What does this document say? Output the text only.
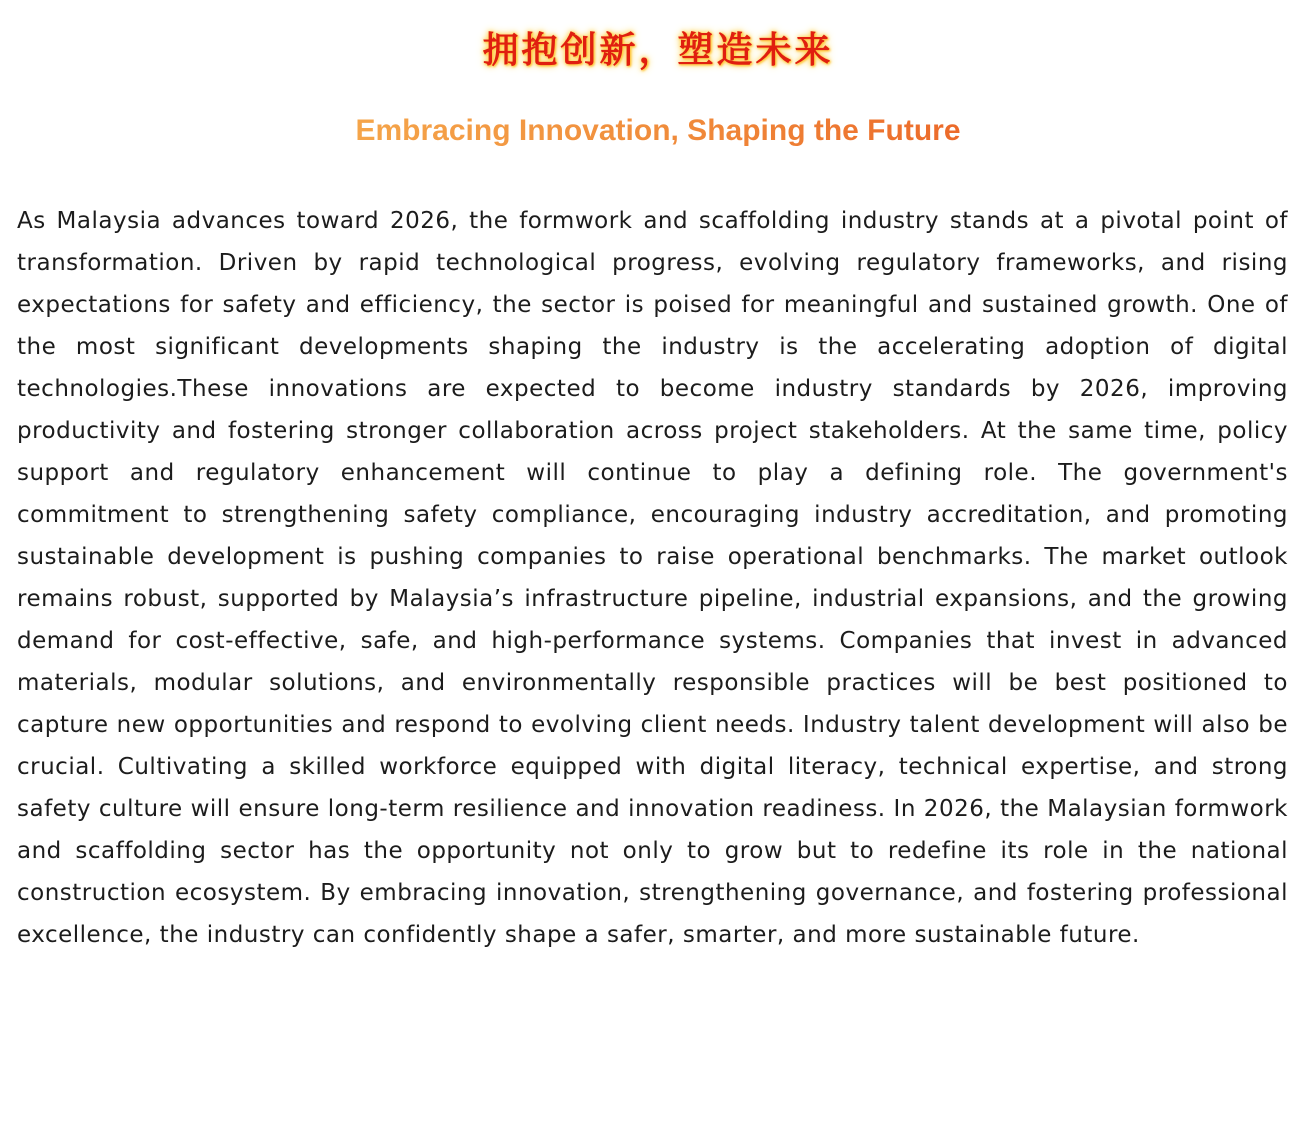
拥抱创新，塑造未来
Embracing Innovation, Shaping the Future

As Malaysia advances toward 2026, the formwork and scaffolding industry stands at a pivotal point of transformation. Driven by rapid technological progress, evolving regulatory frameworks, and rising expectations for safety and efficiency, the sector is poised for meaningful and sustained growth. One of the most significant developments shaping the industry is the accelerating adoption of digital technologies.These innovations are expected to become industry standards by 2026, improving productivity and fostering stronger collaboration across project stakeholders. At the same time, policy support and regulatory enhancement will continue to play a defining role. The government's commitment to strengthening safety compliance, encouraging industry accreditation, and promoting sustainable development is pushing companies to raise operational benchmarks. The market outlook remains robust, supported by Malaysia’s infrastructure pipeline, industrial expansions, and the growing demand for cost-effective, safe, and high-performance systems. Companies that invest in advanced materials, modular solutions, and environmentally responsible practices will be best positioned to capture new opportunities and respond to evolving client needs. Industry talent development will also be crucial. Cultivating a skilled workforce equipped with digital literacy, technical expertise, and strong safety culture will ensure long-term resilience and innovation readiness. In 2026, the Malaysian formwork and scaffolding sector has the opportunity not only to grow but to redefine its role in the national construction ecosystem. By embracing innovation, strengthening governance, and fostering professional excellence, the industry can confidently shape a safer, smarter, and more sustainable future.
